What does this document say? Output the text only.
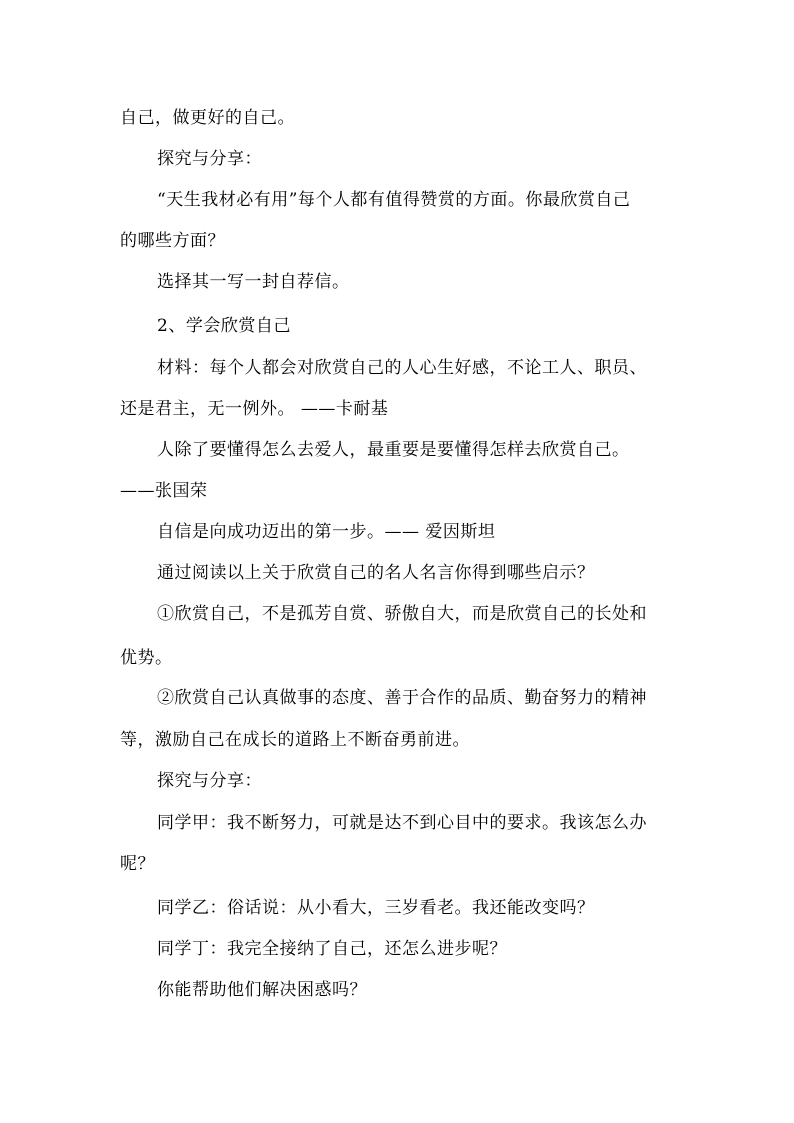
自己，做更好的自己。
探究与分享：
“天生我材必有用”每个人都有值得赞赏的方面。你最欣赏自己
的哪些方面？
选择其一写一封自荐信。
2、学会欣赏自己
材料：每个人都会对欣赏自己的人心生好感，不论工人、职员、
还是君主，无一例外。 ——卡耐基
人除了要懂得怎么去爱人，最重要是要懂得怎样去欣赏自己。
——张国荣
自信是向成功迈出的第一步。—— 爱因斯坦
通过阅读以上关于欣赏自己的名人名言你得到哪些启示？
①欣赏自己，不是孤芳自赏、骄傲自大，而是欣赏自己的长处和
优势。
②欣赏自己认真做事的态度、善于合作的品质、勤奋努力的精神
等，激励自己在成长的道路上不断奋勇前进。
探究与分享：
同学甲：我不断努力，可就是达不到心目中的要求。我该怎么办
呢？
同学乙：俗话说：从小看大，三岁看老。我还能改变吗？
同学丁：我完全接纳了自己，还怎么进步呢？
你能帮助他们解决困惑吗？
